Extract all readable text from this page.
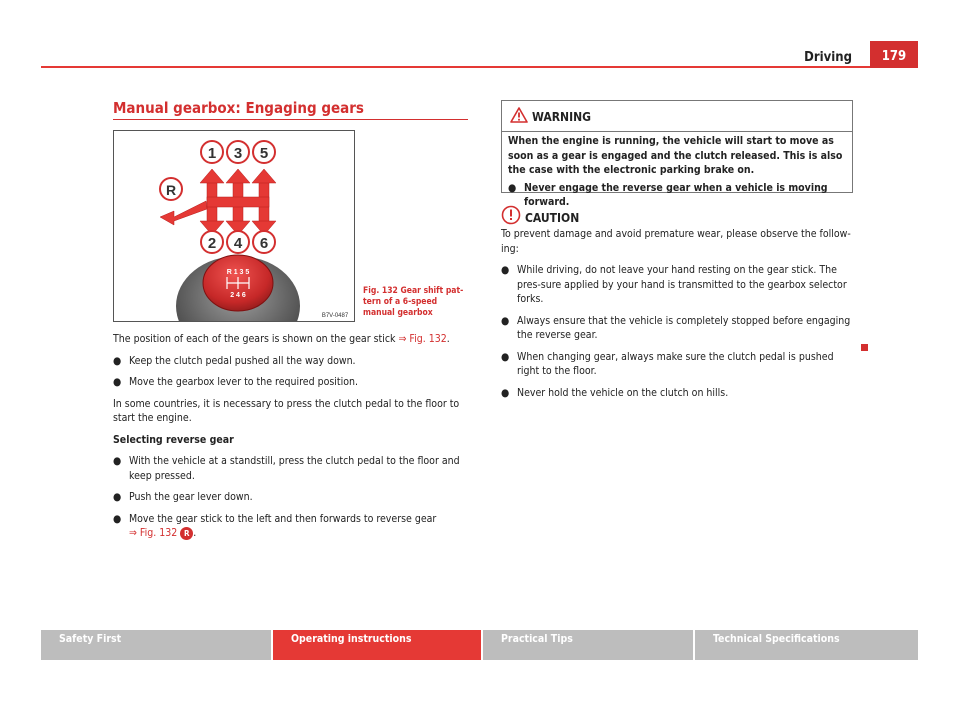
Driving	179
Manual gearbox: Engaging gears
1 3 5
R
2 4 6
R 1 3 5
2 4 6
B7V-0487
Fig. 132 Gear shift pat-tern of a 6-speed manual gearbox

The position of each of the gears is shown on the gear stick ⇒ Fig. 132.

● Keep the clutch pedal pushed all the way down.

● Move the gearbox lever to the required position.

In some countries, it is necessary to press the clutch pedal to the floor to start the engine.

Selecting reverse gear

● With the vehicle at a standstill, press the clutch pedal to the floor and keep pressed.

● Push the gear lever down.

● Move the gear stick to the left and then forwards to reverse gear
⇒ Fig. 132 R .

WARNING

When the engine is running, the vehicle will start to move as soon as a gear is engaged and the clutch released. This is also the case with the electronic parking brake on.

● Never engage the reverse gear when a vehicle is moving forward.

CAUTION

To prevent damage and avoid premature wear, please observe the follow-ing:

● While driving, do not leave your hand resting on the gear stick. The pres-sure applied by your hand is transmitted to the gearbox selector forks.

● Always ensure that the vehicle is completely stopped before engaging the reverse gear.

● When changing gear, always make sure the clutch pedal is pushed right to the floor.

● Never hold the vehicle on the clutch on hills.

Safety First	Operating instructions	Practical Tips	Technical Specifications
